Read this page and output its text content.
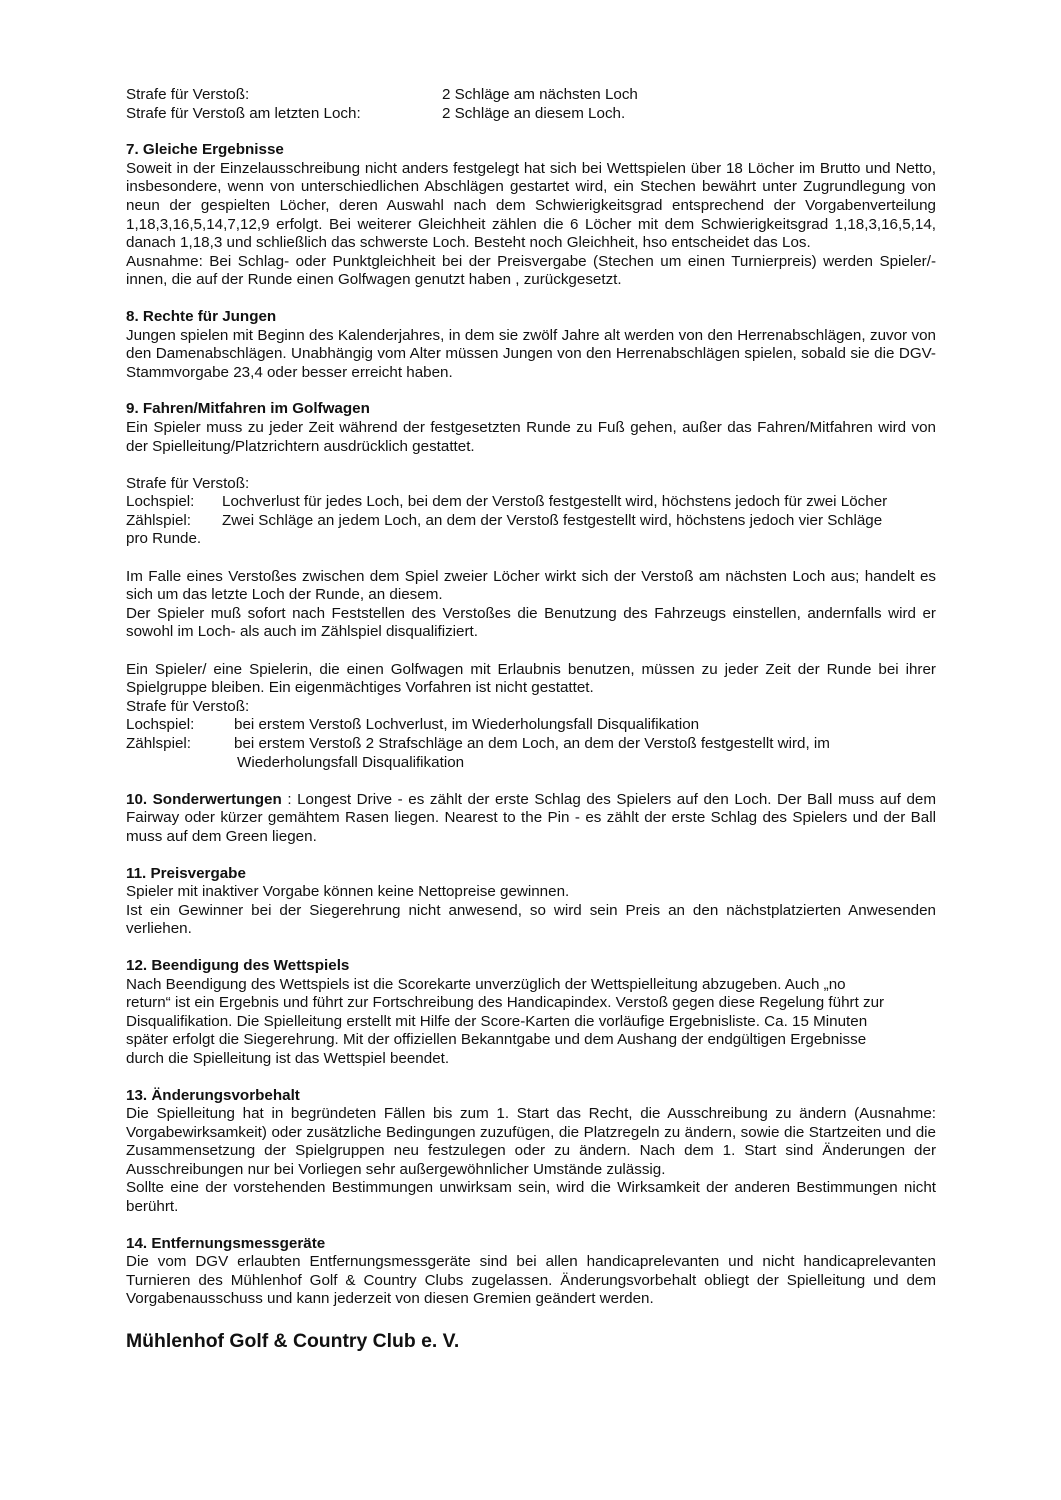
Strafe für Verstoß:	2 Schläge am nächsten Loch
Strafe für Verstoß am letzten Loch:	2 Schläge an diesem Loch.

7. Gleiche Ergebnisse

Soweit in der Einzelausschreibung nicht anders festgelegt hat sich bei Wettspielen über 18 Löcher im Brutto und Netto, insbesondere, wenn von unterschiedlichen Abschlägen gestartet wird, ein Stechen bewährt unter Zugrundlegung von neun der gespielten Löcher, deren Auswahl nach dem Schwierigkeitsgrad entsprechend der Vorgabenverteilung 1,18,3,16,5,14,7,12,9 erfolgt. Bei weiterer Gleichheit zählen die 6 Löcher mit dem Schwierigkeitsgrad 1,18,3,16,5,14, danach 1,18,3 und schließlich das schwerste Loch. Besteht noch Gleichheit, hso entscheidet das Los.

Ausnahme: Bei Schlag- oder Punktgleichheit bei der Preisvergabe (Stechen um einen Turnierpreis) werden Spieler/-innen, die auf der Runde einen Golfwagen genutzt haben , zurückgesetzt.

8. Rechte für Jungen

Jungen spielen mit Beginn des Kalenderjahres, in dem sie zwölf Jahre alt werden von den Herrenabschlägen, zuvor von den Damenabschlägen. Unabhängig vom Alter müssen Jungen von den Herrenabschlägen spielen, sobald sie die DGV-Stammvorgabe 23,4 oder besser erreicht haben.

9. Fahren/Mitfahren im Golfwagen

Ein Spieler muss zu jeder Zeit während der festgesetzten Runde zu Fuß gehen, außer das Fahren/Mitfahren wird von der Spielleitung/Platzrichtern ausdrücklich gestattet.

Strafe für Verstoß:

Lochspiel:	Lochverlust für jedes Loch, bei dem der Verstoß festgestellt wird, höchstens jedoch für zwei Löcher
Zählspiel:	Zwei Schläge an jedem Loch, an dem der Verstoß festgestellt wird, höchstens jedoch vier Schläge

pro Runde.

Im Falle eines Verstoßes zwischen dem Spiel zweier Löcher wirkt sich der Verstoß am nächsten Loch aus; handelt es sich um das letzte Loch der Runde, an diesem.

Der Spieler muß sofort nach Feststellen des Verstoßes die Benutzung des Fahrzeugs einstellen, andernfalls wird er sowohl im Loch- als auch im Zählspiel disqualifiziert.

Ein Spieler/ eine Spielerin, die einen Golfwagen mit Erlaubnis benutzen, müssen zu jeder Zeit der Runde bei ihrer Spielgruppe bleiben. Ein eigenmächtiges Vorfahren ist nicht gestattet.

Strafe für Verstoß:

Lochspiel:	bei erstem Verstoß Lochverlust, im Wiederholungsfall Disqualifikation
Zählspiel:	bei erstem Verstoß 2 Strafschläge an dem Loch, an dem der Verstoß festgestellt wird, im

Wiederholungsfall Disqualifikation

10. Sonderwertungen : Longest Drive - es zählt der erste Schlag des Spielers auf den Loch. Der Ball muss auf dem Fairway oder kürzer gemähtem Rasen liegen. Nearest to the Pin - es zählt der erste Schlag des Spielers und der Ball muss auf dem Green liegen.

11. Preisvergabe

Spieler mit inaktiver Vorgabe können keine Nettopreise gewinnen.

Ist ein Gewinner bei der Siegerehrung nicht anwesend, so wird sein Preis an den nächstplatzierten Anwesenden verliehen.

12. Beendigung des Wettspiels

Nach Beendigung des Wettspiels ist die Scorekarte unverzüglich der Wettspielleitung abzugeben. Auch „no

return“ ist ein Ergebnis und führt zur Fortschreibung des Handicapindex. Verstoß gegen diese Regelung führt zur

Disqualifikation. Die Spielleitung erstellt mit Hilfe der Score-Karten die vorläufige Ergebnisliste. Ca. 15 Minuten

später erfolgt die Siegerehrung. Mit der offiziellen Bekanntgabe und dem Aushang der endgültigen Ergebnisse

durch die Spielleitung ist das Wettspiel beendet.

13. Änderungsvorbehalt

Die Spielleitung hat in begründeten Fällen bis zum 1. Start das Recht, die Ausschreibung zu ändern (Ausnahme: Vorgabewirksamkeit) oder zusätzliche Bedingungen zuzufügen, die Platzregeln zu ändern, sowie die Startzeiten und die Zusammensetzung der Spielgruppen neu festzulegen oder zu ändern. Nach dem 1. Start sind Änderungen der Ausschreibungen nur bei Vorliegen sehr außergewöhnlicher Umstände zulässig.

Sollte eine der vorstehenden Bestimmungen unwirksam sein, wird die Wirksamkeit der anderen Bestimmungen nicht berührt.

14. Entfernungsmessgeräte

Die vom DGV erlaubten Entfernungsmessgeräte sind bei allen handicaprelevanten und nicht handicaprelevanten Turnieren des Mühlenhof Golf & Country Clubs zugelassen. Änderungsvorbehalt obliegt der Spielleitung und dem Vorgabenausschuss und kann jederzeit von diesen Gremien geändert werden.

Mühlenhof Golf & Country Club e. V.
